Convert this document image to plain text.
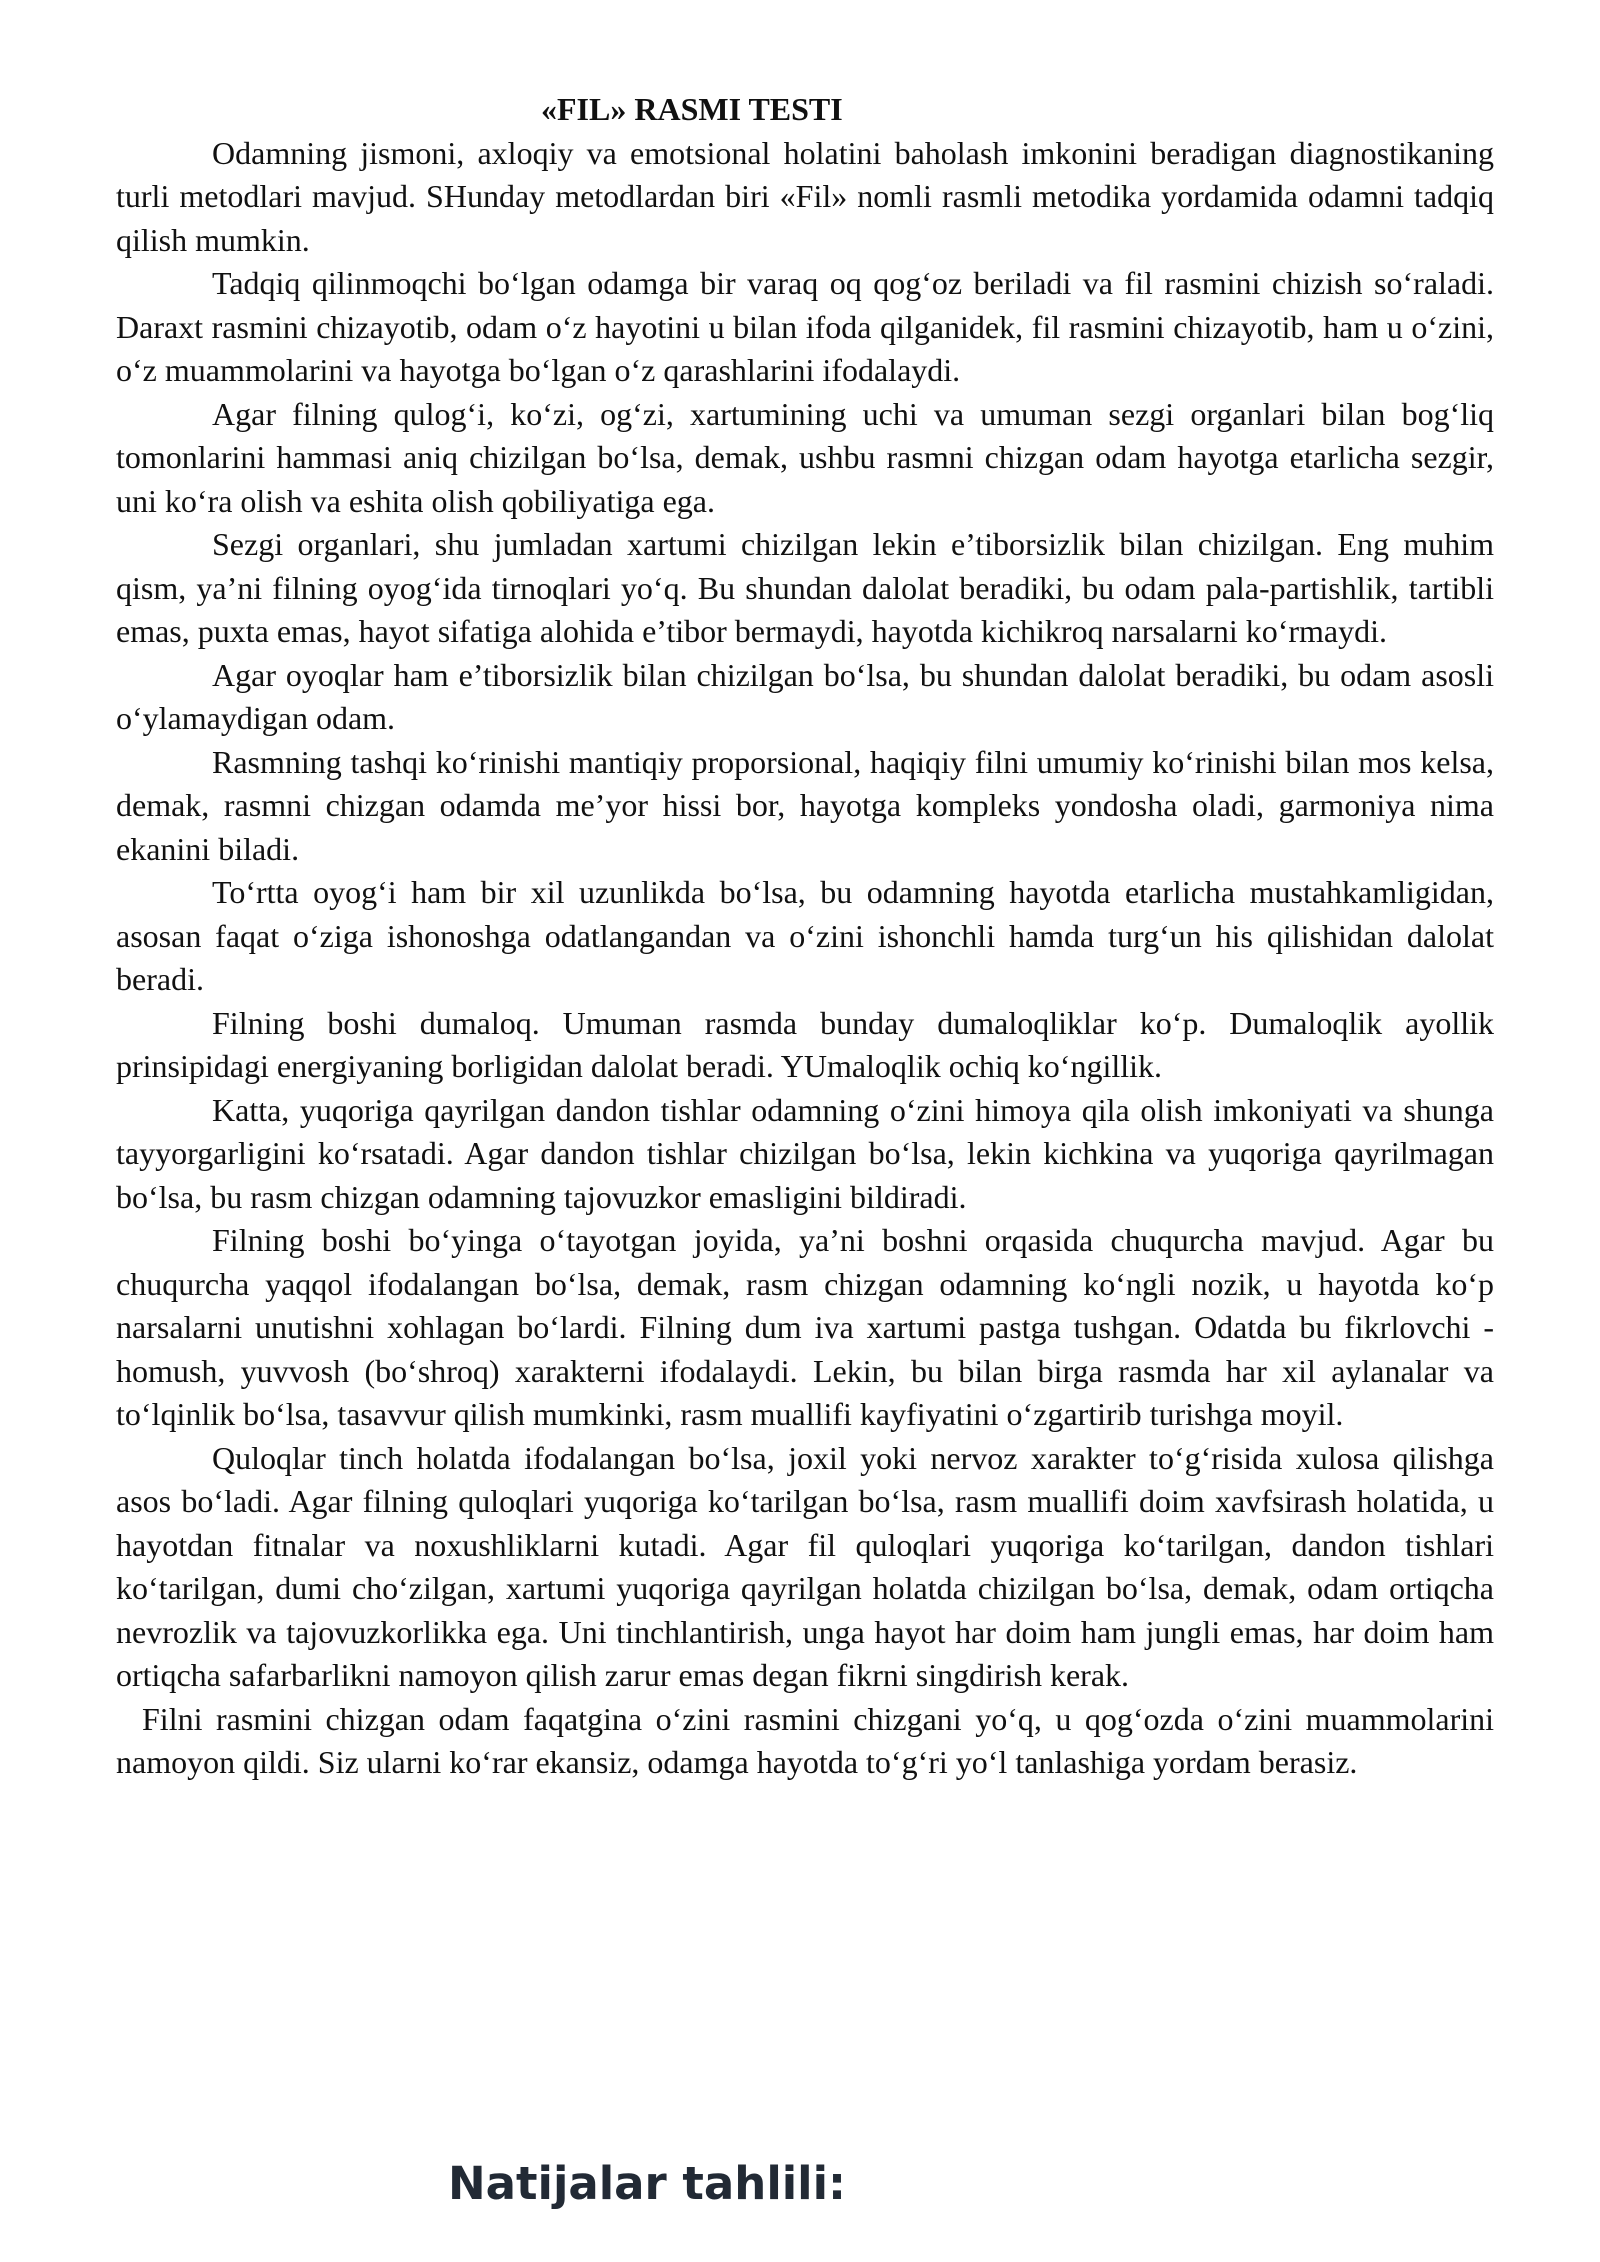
«FIL» RASMI TESTI

Odamning jismoni, axloqiy va emotsional holatini baholash imkonini beradigan diagnostikaning turli metodlari mavjud. SHunday metodlardan biri «Fil» nomli rasmli metodika yordamida odamni tadqiq qilish mumkin.

Tadqiq qilinmoqchi boʻlgan odamga bir varaq oq qogʻoz beriladi va fil rasmini chizish soʻraladi. Daraxt rasmini chizayotib, odam oʻz hayotini u bilan ifoda qilganidek, fil rasmini chizayotib, ham u oʻzini, oʻz muammolarini va hayotga boʻlgan oʻz qarashlarini ifodalaydi.

Agar filning qulogʻi, koʻzi, ogʻzi, xartumining uchi va umuman sezgi organlari bilan bogʻliq tomonlarini hammasi aniq chizilgan boʻlsa, demak, ushbu rasmni chizgan odam hayotga etarlicha sezgir, uni koʻra olish va eshita olish qobiliyatiga ega.

Sezgi organlari, shu jumladan xartumi chizilgan lekin e’tiborsizlik bilan chizilgan. Eng muhim qism, ya’ni filning oyogʻida tirnoqlari yoʻq. Bu shundan dalolat beradiki, bu odam pala-partishlik, tartibli emas, puxta emas, hayot sifatiga alohida e’tibor bermaydi, hayotda kichikroq narsalarni koʻrmaydi.

Agar oyoqlar ham e’tiborsizlik bilan chizilgan boʻlsa, bu shundan dalolat beradiki, bu odam asosli oʻylamaydigan odam.

Rasmning tashqi koʻrinishi mantiqiy proporsional, haqiqiy filni umumiy koʻrinishi bilan mos kelsa, demak, rasmni chizgan odamda me’yor hissi bor, hayotga kompleks yondosha oladi, garmoniya nima ekanini biladi.

Toʻrtta oyogʻi ham bir xil uzunlikda boʻlsa, bu odamning hayotda etarlicha mustahkamligidan, asosan faqat oʻziga ishonoshga odatlangandan va oʻzini ishonchli hamda turgʻun his qilishidan dalolat beradi.

Filning boshi dumaloq. Umuman rasmda bunday dumaloqliklar koʻp. Dumaloqlik ayollik prinsipidagi energiyaning borligidan dalolat beradi. YUmaloqlik ochiq koʻngillik.

Katta, yuqoriga qayrilgan dandon tishlar odamning oʻzini himoya qila olish imkoniyati va shunga tayyorgarligini koʻrsatadi. Agar dandon tishlar chizilgan boʻlsa, lekin kichkina va yuqoriga qayrilmagan boʻlsa, bu rasm chizgan odamning tajovuzkor emasligini bildiradi.

Filning boshi boʻyinga oʻtayotgan joyida, ya’ni boshni orqasida chuqurcha mavjud. Agar bu chuqurcha yaqqol ifodalangan boʻlsa, demak, rasm chizgan odamning koʻngli nozik, u hayotda koʻp narsalarni unutishni xohlagan boʻlardi. Filning dum iva xartumi pastga tushgan. Odatda bu fikrlovchi - homush, yuvvosh (boʻshroq) xarakterni ifodalaydi. Lekin, bu bilan birga rasmda har xil aylanalar va toʻlqinlik boʻlsa, tasavvur qilish mumkinki, rasm muallifi kayfiyatini oʻzgartirib turishga moyil.

Quloqlar tinch holatda ifodalangan boʻlsa, joxil yoki nervoz xarakter toʻgʻrisida xulosa qilishga asos boʻladi. Agar filning quloqlari yuqoriga koʻtarilgan boʻlsa, rasm muallifi doim xavfsirash holatida, u hayotdan fitnalar va noxushliklarni kutadi. Agar fil quloqlari yuqoriga koʻtarilgan, dandon tishlari koʻtarilgan, dumi choʻzilgan, xartumi yuqoriga qayrilgan holatda chizilgan boʻlsa, demak, odam ortiqcha nevrozlik va tajovuzkorlikka ega. Uni tinchlantirish, unga hayot har doim ham jungli emas, har doim ham ortiqcha safarbarlikni namoyon qilish zarur emas degan fikrni singdirish kerak.

Filni rasmini chizgan odam faqatgina oʻzini rasmini chizgani yoʻq, u qogʻozda oʻzini muammolarini namoyon qildi. Siz ularni koʻrar ekansiz, odamga hayotda toʻgʻri yoʻl tanlashiga yordam berasiz.

Natijalar tahlili:
